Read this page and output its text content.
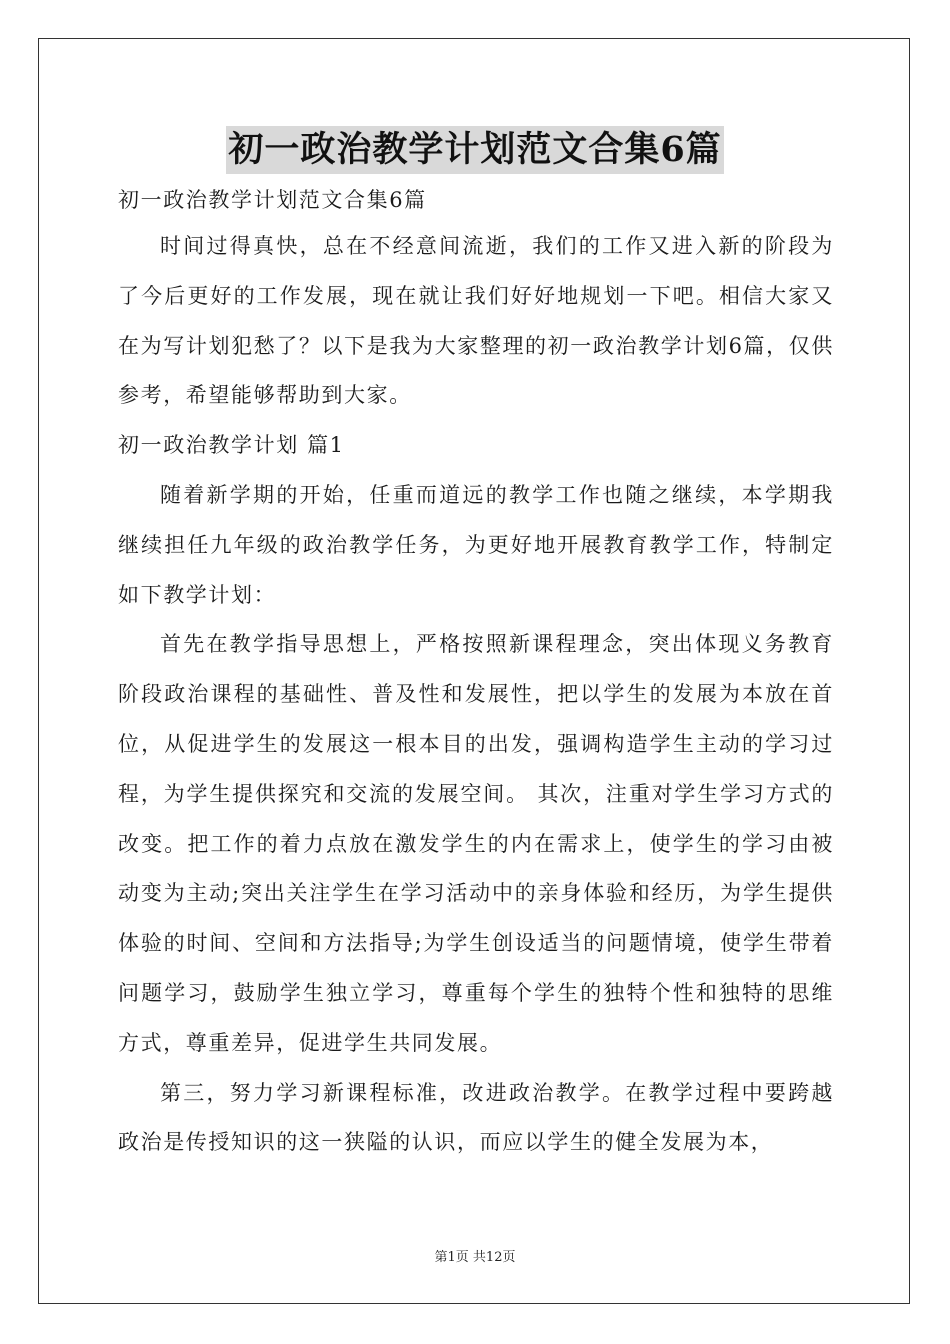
初一政治教学计划范文合集6篇

初一政治教学计划范文合集6篇

时间过得真快，总在不经意间流逝，我们的工作又进入新的阶段为了今后更好的工作发展，现在就让我们好好地规划一下吧。相信大家又在为写计划犯愁了？以下是我为大家整理的初一政治教学计划6篇，仅供参考，希望能够帮助到大家。

初一政治教学计划 篇1

随着新学期的开始，任重而道远的教学工作也随之继续，本学期我继续担任九年级的政治教学任务，为更好地开展教育教学工作，特制定如下教学计划：

首先在教学指导思想上，严格按照新课程理念，突出体现义务教育阶段政治课程的基础性、普及性和发展性，把以学生的发展为本放在首位，从促进学生的发展这一根本目的出发，强调构造学生主动的学习过程，为学生提供探究和交流的发展空间。 其次，注重对学生学习方式的改变。把工作的着力点放在激发学生的内在需求上，使学生的学习由被动变为主动;突出关注学生在学习活动中的亲身体验和经历，为学生提供体验的时间、空间和方法指导;为学生创设适当的问题情境，使学生带着问题学习，鼓励学生独立学习，尊重每个学生的独特个性和独特的思维方式，尊重差异，促进学生共同发展。

第三，努力学习新课程标准，改进政治教学。在教学过程中要跨越政治是传授知识的这一狭隘的认识，而应以学生的健全发展为本，

第1页 共12页
